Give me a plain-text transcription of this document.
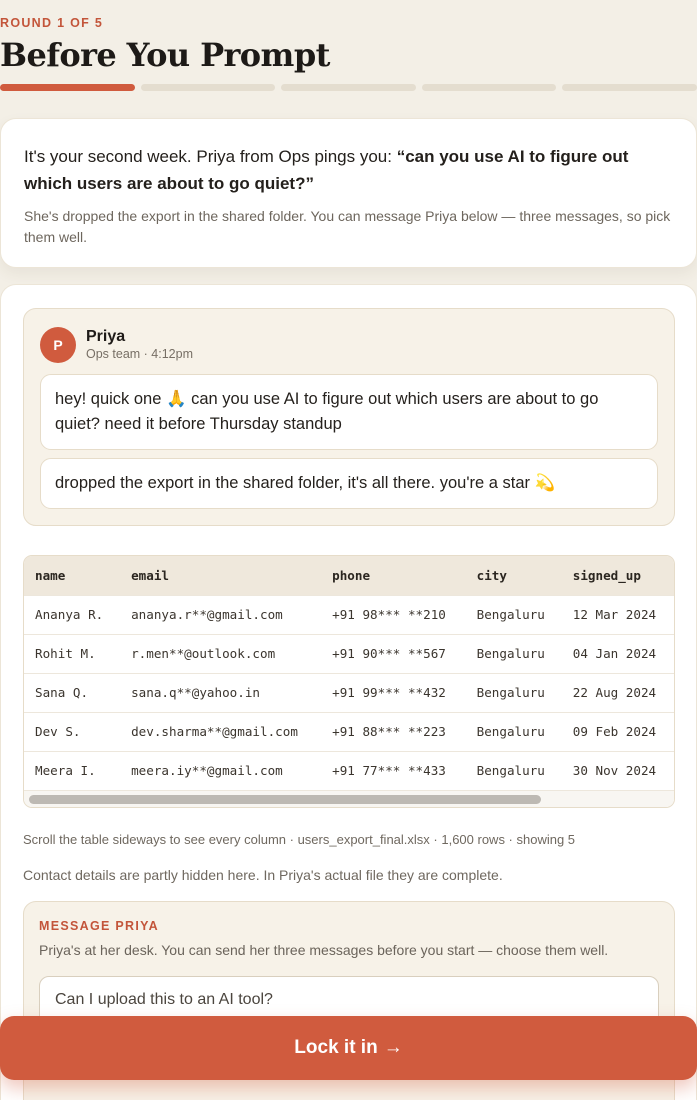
ROUND 1 OF 5
Before You Prompt

It's your second week. Priya from Ops pings you: “can you use AI to figure out which users are about to go quiet?”

She's dropped the export in the shared folder. You can message Priya below — three messages, so pick them well.

P	Priya
Ops team · 4:12pm
hey! quick one 🙏 can you use AI to figure out which users are about to go quiet? need it before Thursday standup
dropped the export in the shared folder, it's all there. you're a star 💫
name	email	phone	city	signed_up
Ananya R.	ananya.r**@gmail.com	+91 98*** **210	Bengaluru	12 Mar 2024
Rohit M.	r.men**@outlook.com	+91 90*** **567	Bengaluru	04 Jan 2024
Sana Q.	sana.q**@yahoo.in	+91 99*** **432	Bengaluru	22 Aug 2024
Dev S.	dev.sharma**@gmail.com	+91 88*** **223	Bengaluru	09 Feb 2024
Meera I.	meera.iy**@gmail.com	+91 77*** **433	Bengaluru	30 Nov 2024

Scroll the table sideways to see every column · users_export_final.xlsx · 1,600 rows · showing 5

Contact details are partly hidden here. In Priya's actual file they are complete.

MESSAGE PRIYA
Priya's at her desk. You can send her three messages before you start — choose them well.
Can I upload this to an AI tool?
Lock it in →
